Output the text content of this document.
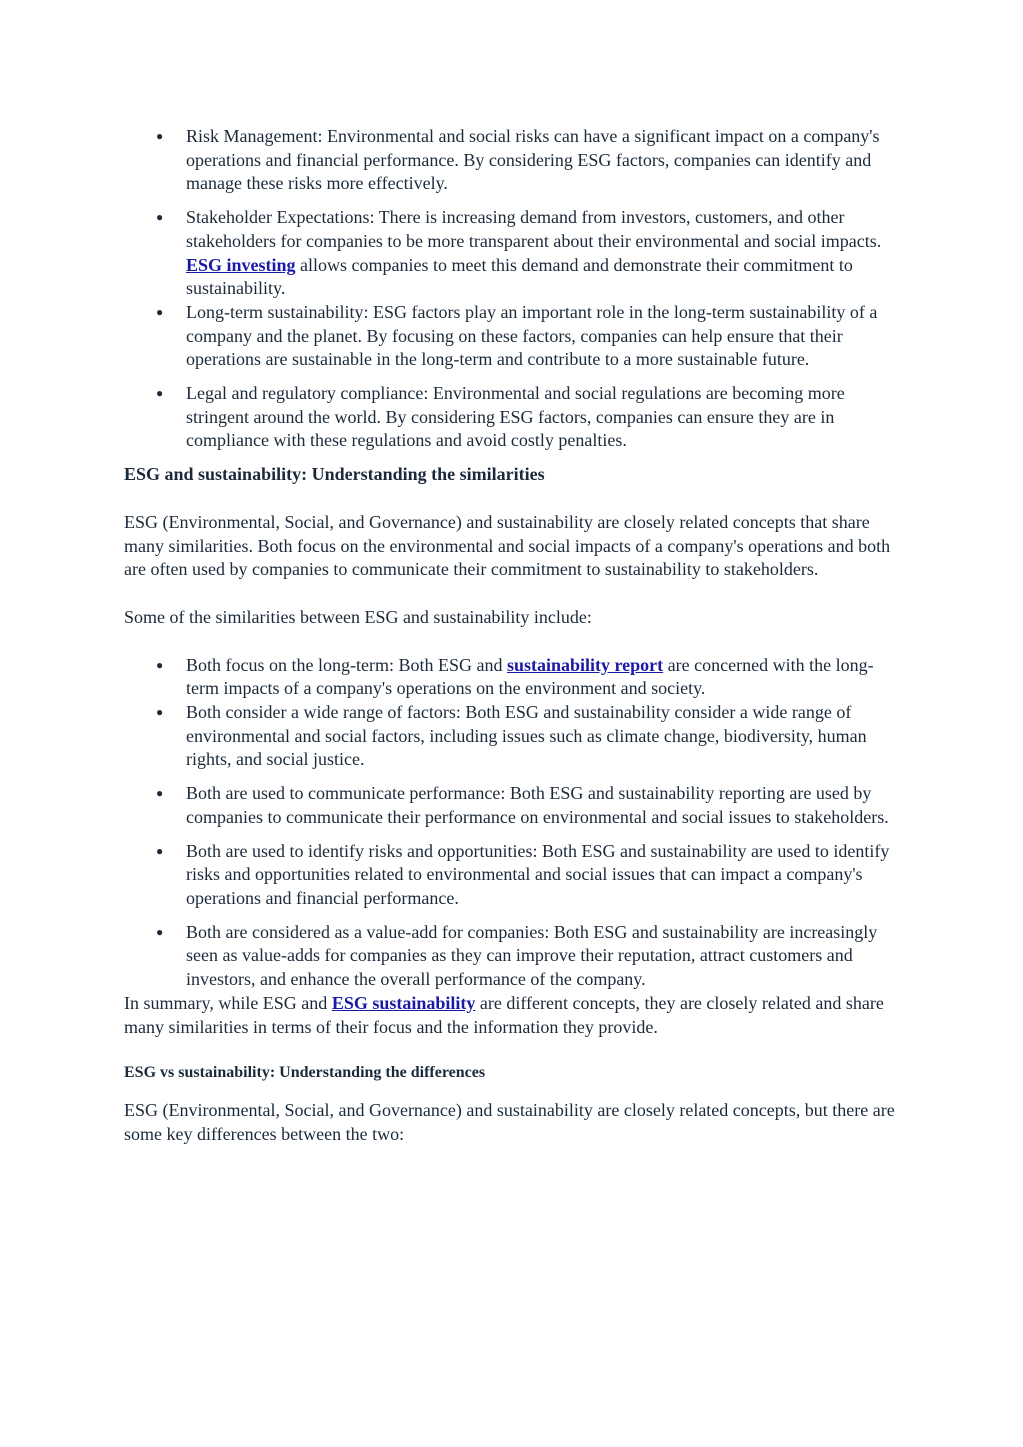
● Risk Management: Environmental and social risks can have a significant impact on a company's operations and financial performance. By considering ESG factors, companies can identify and manage these risks more effectively.
● Stakeholder Expectations: There is increasing demand from investors, customers, and other stakeholders for companies to be more transparent about their environmental and social impacts. ESG investing allows companies to meet this demand and demonstrate their commitment to sustainability.
● Long-term sustainability: ESG factors play an important role in the long-term sustainability of a company and the planet. By focusing on these factors, companies can help ensure that their operations are sustainable in the long-term and contribute to a more sustainable future.
● Legal and regulatory compliance: Environmental and social regulations are becoming more stringent around the world. By considering ESG factors, companies can ensure they are in compliance with these regulations and avoid costly penalties.

ESG and sustainability: Understanding the similarities

ESG (Environmental, Social, and Governance) and sustainability are closely related concepts that share many similarities. Both focus on the environmental and social impacts of a company's operations and both are often used by companies to communicate their commitment to sustainability to stakeholders.

Some of the similarities between ESG and sustainability include:

● Both focus on the long-term: Both ESG and sustainability report are concerned with the long-term impacts of a company's operations on the environment and society.
● Both consider a wide range of factors: Both ESG and sustainability consider a wide range of environmental and social factors, including issues such as climate change, biodiversity, human rights, and social justice.
● Both are used to communicate performance: Both ESG and sustainability reporting are used by companies to communicate their performance on environmental and social issues to stakeholders.
● Both are used to identify risks and opportunities: Both ESG and sustainability are used to identify risks and opportunities related to environmental and social issues that can impact a company's operations and financial performance.
● Both are considered as a value-add for companies: Both ESG and sustainability are increasingly seen as value-adds for companies as they can improve their reputation, attract customers and investors, and enhance the overall performance of the company.

In summary, while ESG and ESG sustainability are different concepts, they are closely related and share many similarities in terms of their focus and the information they provide.

ESG vs sustainability: Understanding the differences

ESG (Environmental, Social, and Governance) and sustainability are closely related concepts, but there are some key differences between the two:
